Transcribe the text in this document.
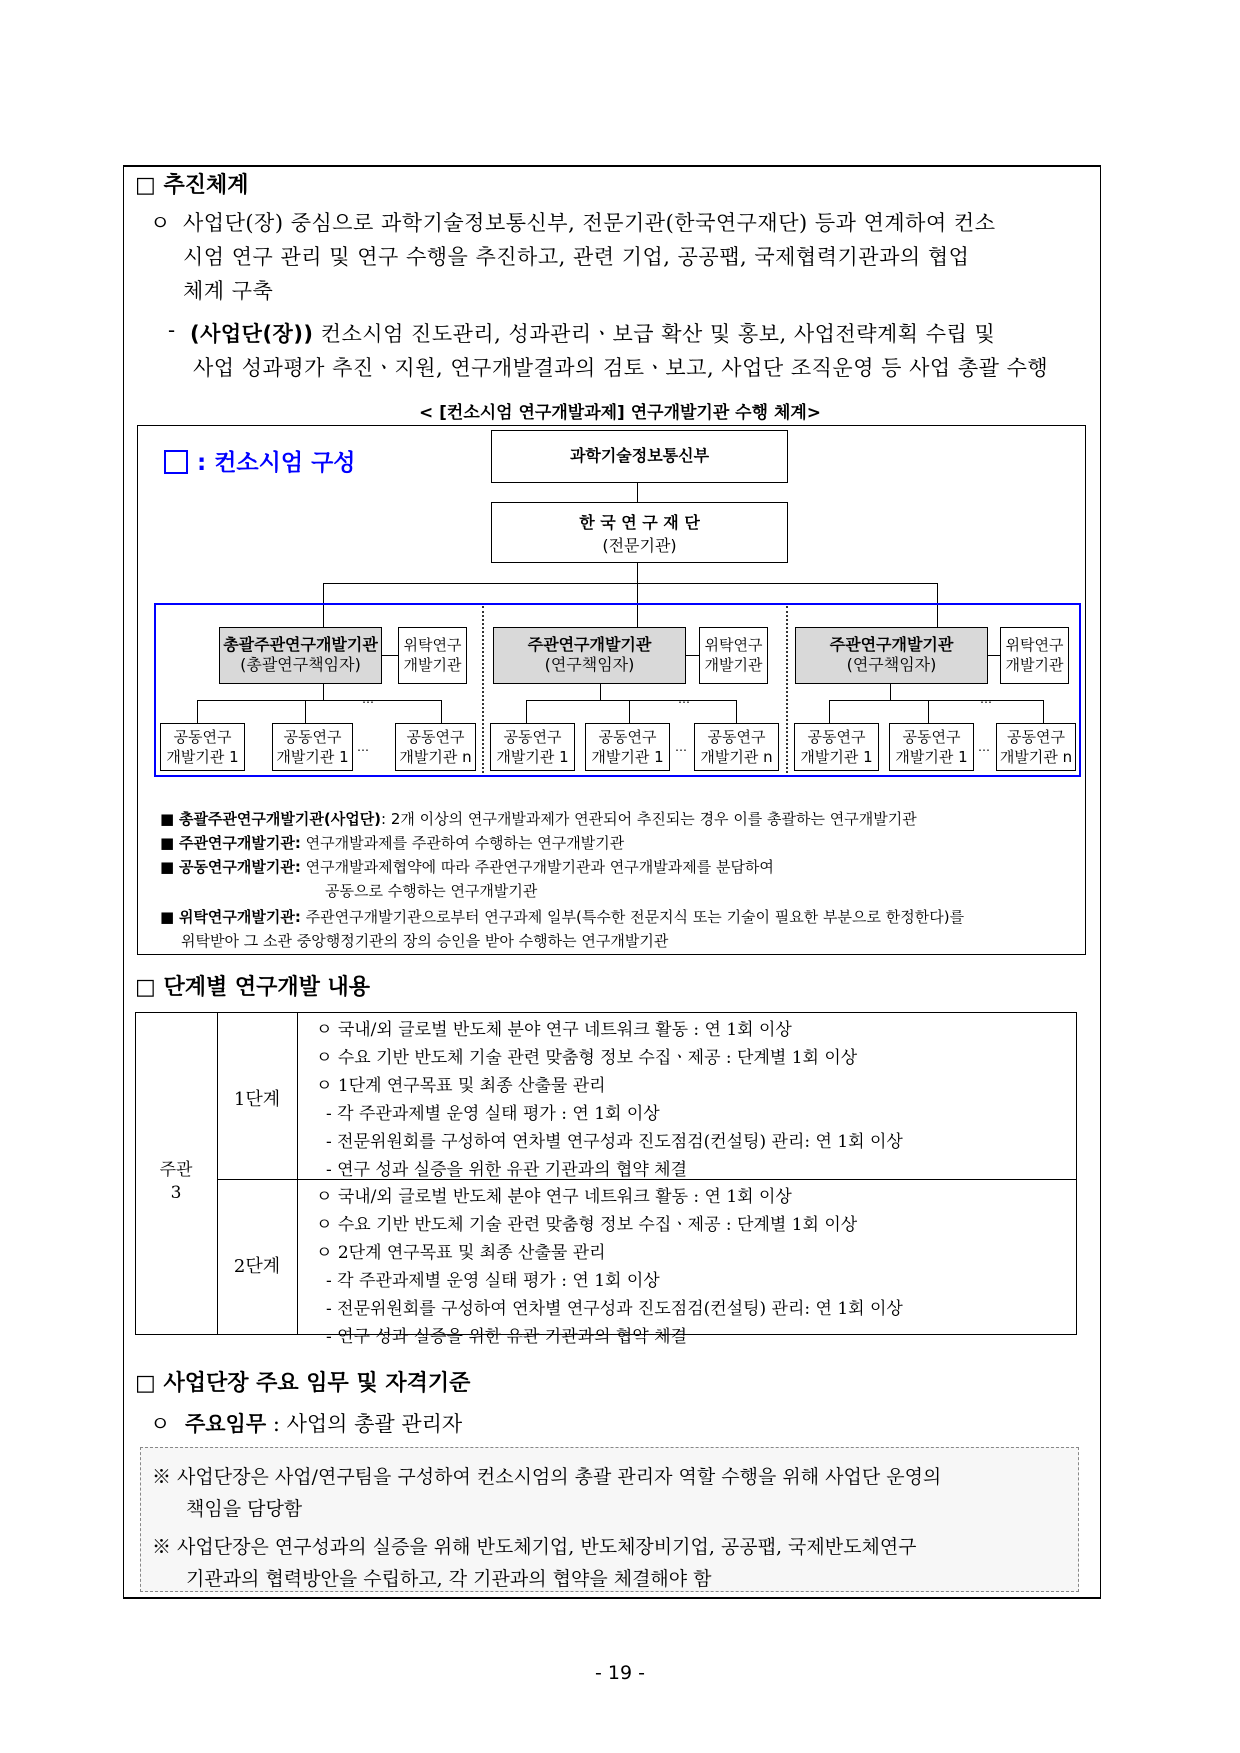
□ 추진체계
ㅇ 사업단(장) 중심으로 과학기술정보통신부, 전문기관(한국연구재단) 등과 연계하여 컨소
시엄 연구 관리 및 연구 수행을 추진하고, 관련 기업, 공공팹, 국제협력기관과의 협업
체계 구축
- (사업단(장)) 컨소시엄 진도관리, 성과관리ㆍ보급 확산 및 홍보, 사업전략계획 수립 및
사업 성과평가 추진ㆍ지원, 연구개발결과의 검토ㆍ보고, 사업단 조직운영 등 사업 총괄 수행
< [컨소시엄 연구개발과제] 연구개발기관 수행 체계>
: 컨소시엄 구성	과학기술정보통신부
한 국 연 구 재 단
(전문기관)
총괄주관연구개발기관
(총괄연구책임자)
위탁연구
개발기관
…
공동연구
개발기관 1
공동연구
개발기관 1
…
공동연구
개발기관 n
주관연구개발기관
(연구책임자)
위탁연구
개발기관
…
공동연구
개발기관 1
공동연구
개발기관 1
…
공동연구
개발기관 n
주관연구개발기관
(연구책임자)
위탁연구
개발기관
…
공동연구
개발기관 1
공동연구
개발기관 1
…
공동연구
개발기관 n
■ 총괄주관연구개발기관(사업단): 2개 이상의 연구개발과제가 연관되어 추진되는 경우 이를 총괄하는 연구개발기관
■ 주관연구개발기관: 연구개발과제를 주관하여 수행하는 연구개발기관
■ 공동연구개발기관: 연구개발과제협약에 따라 주관연구개발기관과 연구개발과제를 분담하여
공동으로 수행하는 연구개발기관
■ 위탁연구개발기관: 주관연구개발기관으로부터 연구과제 일부(특수한 전문지식 또는 기술이 필요한 부분으로 한정한다)를
위탁받아 그 소관 중앙행정기관의 장의 승인을 받아 수행하는 연구개발기관
□ 단계별 연구개발 내용
주관
3
1단계
2단계
ㅇ 국내/외 글로벌 반도체 분야 연구 네트워크 활동 : 연 1회 이상
ㅇ 수요 기반 반도체 기술 관련 맞춤형 정보 수집ㆍ제공 : 단계별 1회 이상
ㅇ 1단계 연구목표 및 최종 산출물 관리
- 각 주관과제별 운영 실태 평가 : 연 1회 이상
- 전문위원회를 구성하여 연차별 연구성과 진도점검(컨설팅) 관리: 연 1회 이상
- 연구 성과 실증을 위한 유관 기관과의 협약 체결
ㅇ 국내/외 글로벌 반도체 분야 연구 네트워크 활동 : 연 1회 이상
ㅇ 수요 기반 반도체 기술 관련 맞춤형 정보 수집ㆍ제공 : 단계별 1회 이상
ㅇ 2단계 연구목표 및 최종 산출물 관리
- 각 주관과제별 운영 실태 평가 : 연 1회 이상
- 전문위원회를 구성하여 연차별 연구성과 진도점검(컨설팅) 관리: 연 1회 이상
- 연구 성과 실증을 위한 유관 기관과의 협약 체결
□ 사업단장 주요 임무 및 자격기준
ㅇ 주요임무 : 사업의 총괄 관리자
※ 사업단장은 사업/연구팀을 구성하여 컨소시엄의 총괄 관리자 역할 수행을 위해 사업단 운영의
책임을 담당함
※ 사업단장은 연구성과의 실증을 위해 반도체기업, 반도체장비기업, 공공팹, 국제반도체연구
기관과의 협력방안을 수립하고, 각 기관과의 협약을 체결해야 함
- 19 -
